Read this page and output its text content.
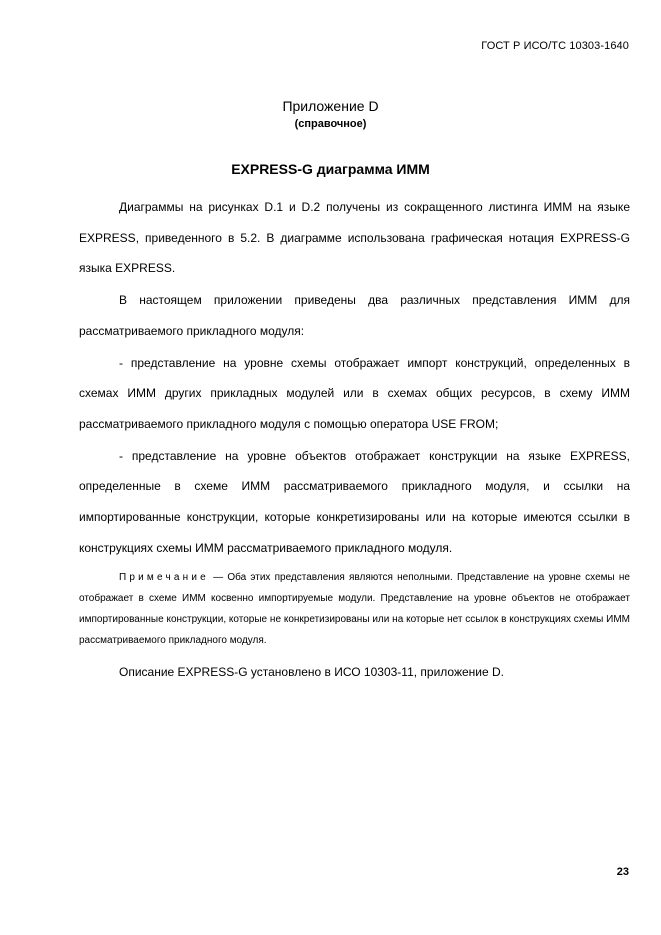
ГОСТ Р ИСО/ТС 10303-1640
Приложение D
(справочное)
EXPRESS-G диаграмма ИММ

Диаграммы на рисунках D.1 и D.2 получены из сокращенного листинга ИММ на языке EXPRESS, приведенного в 5.2. В диаграмме использована графическая нотация EXPRESS-G языка EXPRESS.

В настоящем приложении приведены два различных представления ИММ для рассматриваемого прикладного модуля:

- представление на уровне схемы отображает импорт конструкций, определенных в схемах ИММ других прикладных модулей или в схемах общих ресурсов, в схему ИММ рассматриваемого прикладного модуля с помощью оператора USE FROM;

- представление на уровне объектов отображает конструкции на языке EXPRESS, определенные в схеме ИММ рассматриваемого прикладного модуля, и ссылки на импортированные конструкции, которые конкретизированы или на которые имеются ссылки в конструкциях схемы ИММ рассматриваемого прикладного модуля.

Примечание — Оба этих представления являются неполными. Представление на уровне схемы не отображает в схеме ИММ косвенно импортируемые модули. Представление на уровне объектов не отображает импортированные конструкции, которые не конкретизированы или на которые нет ссылок в конструкциях схемы ИММ рассматриваемого прикладного модуля.

Описание EXPRESS-G установлено в ИСО 10303-11, приложение D.

23
